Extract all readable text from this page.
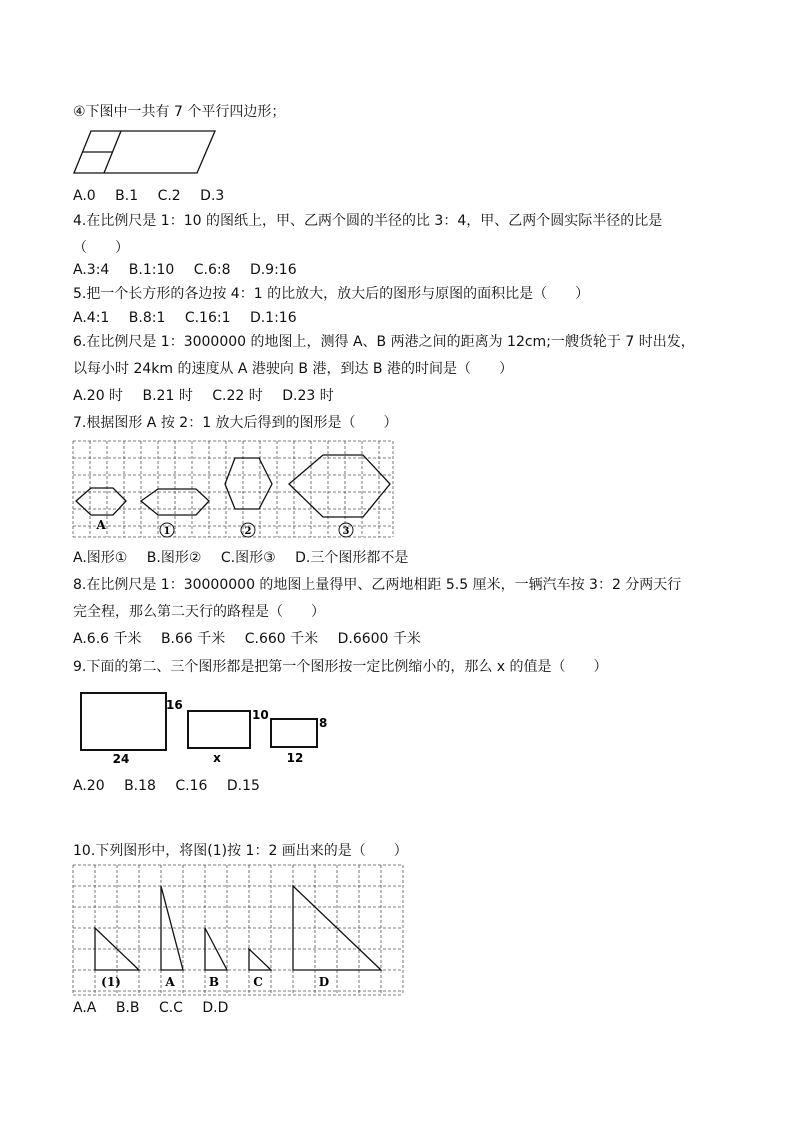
④下图中一共有 7 个平行四边形；
A.0 B.1 C.2 D.3
4.在比例尺是 1：10 的图纸上，甲、乙两个圆的半径的比 3：4，甲、乙两个圆实际半径的比是
（　　）
A.3:4 B.1:10 C.6:8 D.9:16
5.把一个长方形的各边按 4：1 的比放大，放大后的图形与原图的面积比是（　　）
A.4:1 B.8:1 C.16:1 D.1:16
6.在比例尺是 1：3000000 的地图上，测得 A、B 两港之间的距离为 12cm;一艘货轮于 7 时出发，
以每小时 24km 的速度从 A 港驶向 B 港，到达 B 港的时间是（　　）
A.20 时 B.21 时 C.22 时 D.23 时
7.根据图形 A 按 2：1 放大后得到的图形是（　　）
A	1	2	3
A.图形① B.图形② C.图形③ D.三个图形都不是
8.在比例尺是 1：30000000 的地图上量得甲、乙两地相距 5.5 厘米，一辆汽车按 3：2 分两天行
完全程，那么第二天行的路程是（　　）
A.6.6 千米 B.66 千米 C.660 千米 D.6600 千米
9.下面的第二、三个图形都是把第一个图形按一定比例缩小的，那么 x 的值是（　　）
16
24
10
x
8
12
A.20 B.18 C.16 D.15
10.下列图形中，将图(1)按 1：2 画出来的是（　　）
(1)	A	B	C	D
A.A B.B C.C D.D
